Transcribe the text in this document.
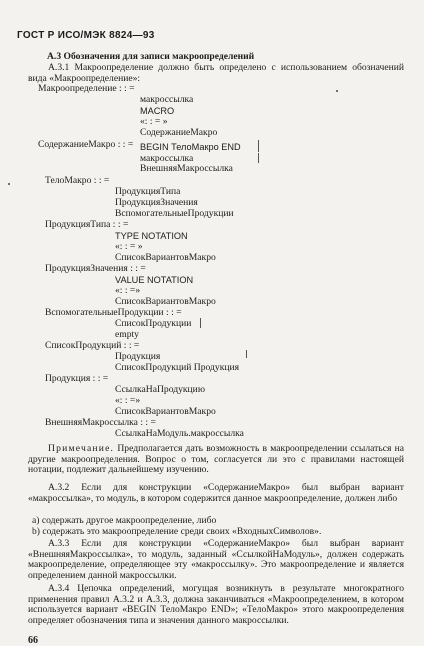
ГОСТ Р ИСО/МЭК 8824—93
А.3 Обозначения для записи макроопределений

А.3.1 Макроопределение должно быть определено с использованием обозначений вида «Макроопределение»:

Макроопределение : : =
макроссылка
MACRO
«: : = »
СодержаниеМакро
СодержаниеМакро : : = BEGIN ТелоМакро END
макроссылка
ВнешняяМакроссылка
ТелоМакро : : =
ПродукцияТипа
ПродукцияЗначения
ВспомогательныеПродукции
ПродукцияТипа : : =
TYPE NOTATION
«: : = »
СписокВариантовМакро
ПродукцияЗначения : : =
VALUE NOTATION
«: : =»
СписокВариантовМакро
ВспомогательныеПродукции : : =
СписокПродукции
empty
СписокПродукций : : =
Продукция
СписокПродукций Продукция
Продукция : : =
СсылкаНаПродукцию
«: : =»
СписокВариантовМакро
ВнешняяМакроссылка : : =
СсылкаНаМодуль.макроссылка

Примечание. Предполагается дать возможность в макроопределении ссылаться на другие макроопределения. Вопрос о том, согласуется ли это с правилами настоящей нотации, подлежит дальнейшему изучению.

А.3.2 Если для конструкции «СодержаниеМакро» был выбран вариант «макроссылка», то модуль, в котором содержится данное макроопределение, должен либо

а) содержать другое макроопределение, либо
b) содержать это макроопределение среди своих «ВходныхСимволов».

А.3.3 Если для конструкции «СодержаниеМакро» был выбран вариант «ВнешняяМакроссылка», то модуль, заданный «СсылкойНаМодуль», должен содержать макроопределение, определяющее эту «макроссылку». Это макроопределение и является определением данной макроссылки.

А.3.4 Цепочка определений, могущая возникнуть в результате многократного применения правил А.3.2 и А.3.3, должна заканчиваться «Макроопределением, в котором используется вариант «BEGIN ТелоМакро END»; «ТелоМакро» этого макроопределения определяет обозначения типа и значения данного макроссылки.

66
